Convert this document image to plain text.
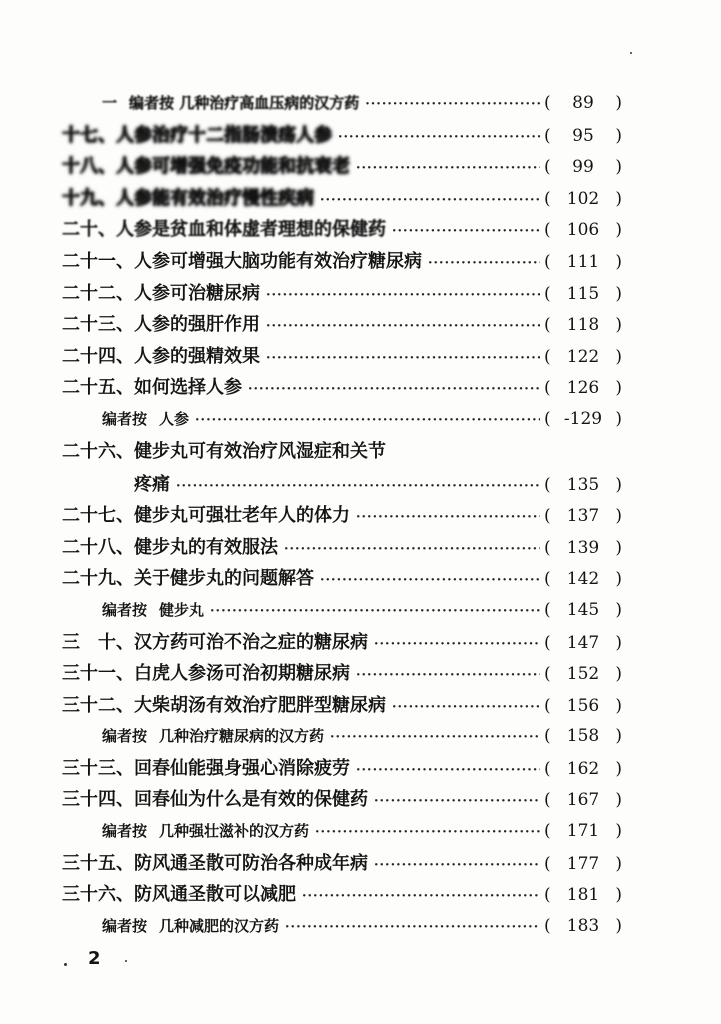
一 编者按 几种治疗高血压病的汉方药 ·····	(	89	)
十七、人参治疗十二指肠溃疡人参 ·····	(	95	)
十八、人参可增强免疫功能和抗衰老 ·····	(	99	)
十九、人参能有效治疗慢性疾病 ·····	( 102 )
二十、 人参是贫血和体虚者理想的保健药 ·····	( 106 )
二十一、 人参可增强大脑功能有效治疗糖尿病 ·····	( 111 )
二十二、 人参可治糖尿病 ·····	( 115 )
二十三、 人参的强肝作用 ·····	( 118 )
二十四、 人参的强精效果 ·····	( 122 )
二十五、 如何选择人参 ·····	( 126 )
编者按 人参 ·····	( -129 )
二十六、 健步丸可有效治疗风湿症和关节
疼痛 ·····	( 135 )
二十七、 健步丸可强壮老年人的体力 ·····	( 137 )
二十八、 健步丸的有效服法 ·····	( 139 )
二十九、 关于健步丸的问题解答 ·····	( 142 )
编者按 健步丸 ·····	( 145 )
三　十、 汉方药可治不治之症的糖尿病 ·····	( 147 )
三十一、 白虎人参汤可治初期糖尿病 ·····	( 152 )
三十二、 大柴胡汤有效治疗肥胖型糖尿病 ·····	( 156 )
编者按 几种治疗糖尿病的汉方药 ·····	( 158 )
三十三、 回春仙能强身强心消除疲劳 ·····	( 162 )
三十四、 回春仙为什么是有效的保健药 ·····	( 167 )
编者按 几种强壮滋补的汉方药 ·····	( 171 )
三十五、 防风通圣散可防治各种成年病 ·····	( 177 )
三十六、 防风通圣散可以减肥 ·····	( 181 )
编者按 几种减肥的汉方药 ·····	( 183 )
2
